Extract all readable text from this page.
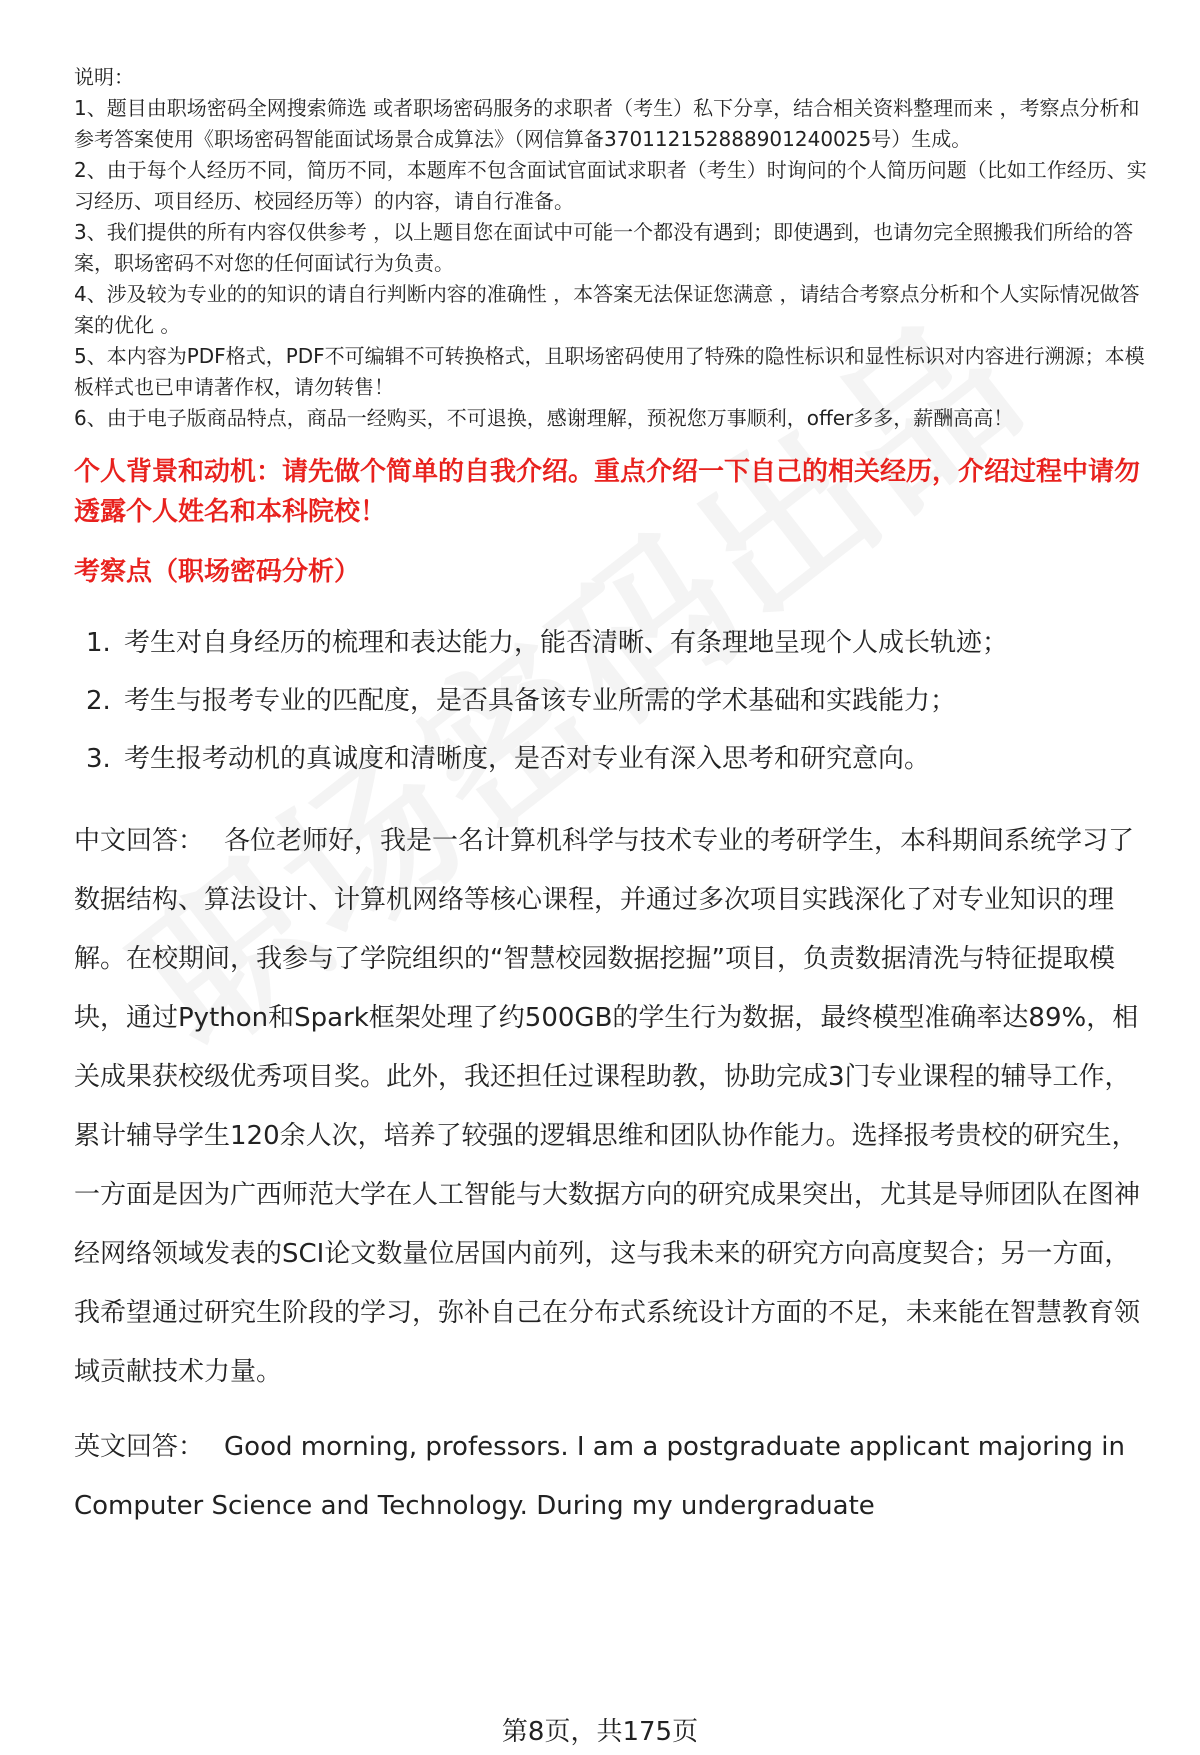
说明：

1、题目由职场密码全网搜索筛选 或者职场密码服务的求职者（考生）私下分享，结合相关资料整理而来 ，考察点分析和参考答案使用《职场密码智能面试场景合成算法》（网信算备370112152888901240025号）生成。

2、由于每个人经历不同，简历不同，本题库不包含面试官面试求职者（考生）时询问的个人简历问题（比如工作经历、实习经历、项目经历、校园经历等）的内容，请自行准备。

3、我们提供的所有内容仅供参考 ，以上题目您在面试中可能一个都没有遇到；即使遇到，也请勿完全照搬我们所给的答案，职场密码不对您的任何面试行为负责。

4、涉及较为专业的的知识的请自行判断内容的准确性 ，本答案无法保证您满意 ，请结合考察点分析和个人实际情况做答案的优化 。

5、本内容为PDF格式，PDF不可编辑不可转换格式，且职场密码使用了特殊的隐性标识和显性标识对内容进行溯源；本模板样式也已申请著作权，请勿转售！

6、由于电子版商品特点，商品一经购买，不可退换，感谢理解，预祝您万事顺利，offer多多，薪酬高高！

个人背景和动机：请先做个简单的自我介绍。重点介绍一下自己的相关经历，介绍过程中请勿透露个人姓名和本科院校！
考察点（职场密码分析）
1. 考生对自身经历的梳理和表达能力，能否清晰、有条理地呈现个人成长轨迹；
2. 考生与报考专业的匹配度，是否具备该专业所需的学术基础和实践能力；
3. 考生报考动机的真诚度和清晰度，是否对专业有深入思考和研究意向。
中文回答： 各位老师好，我是一名计算机科学与技术专业的考研学生，本科期间系统学习了数据结构、算法设计、计算机网络等核心课程，并通过多次项目实践深化了对专业知识的理解。在校期间，我参与了学院组织的“智慧校园数据挖掘”项目，负责数据清洗与特征提取模块，通过Python和Spark框架处理了约500GB的学生行为数据，最终模型准确率达89%，相关成果获校级优秀项目奖。此外，我还担任过课程助教，协助完成3门专业课程的辅导工作，累计辅导学生120余人次，培养了较强的逻辑思维和团队协作能力。选择报考贵校的研究生，一方面是因为广西师范大学在人工智能与大数据方向的研究成果突出，尤其是导师团队在图神经网络领域发表的SCI论文数量位居国内前列，这与我未来的研究方向高度契合；另一方面，我希望通过研究生阶段的学习，弥补自己在分布式系统设计方面的不足，未来能在智慧教育领域贡献技术力量。
英文回答： Good morning, professors. I am a postgraduate applicant majoring in Computer Science and Technology. During my undergraduate
第8页，共175页
